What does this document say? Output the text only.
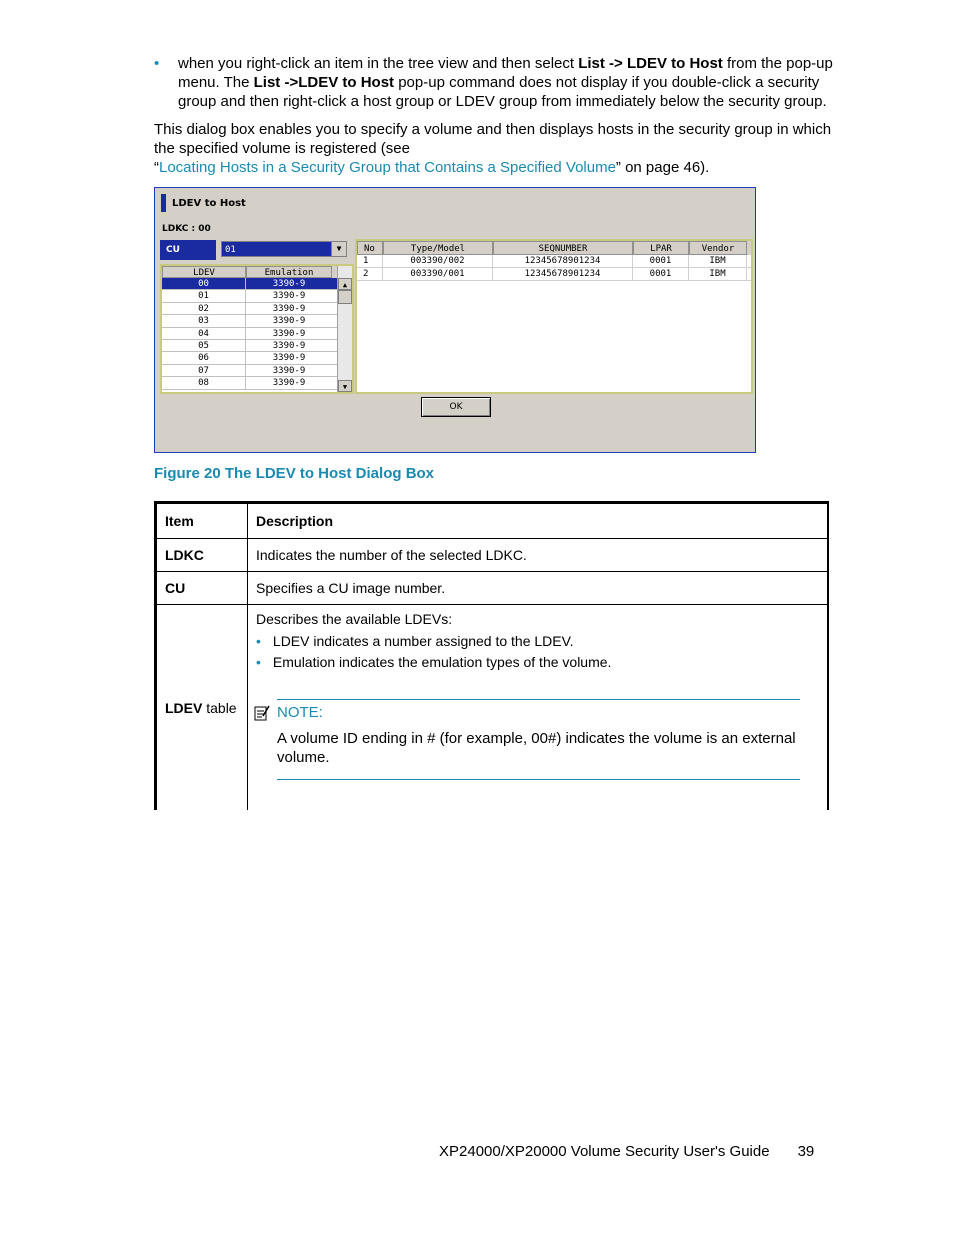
• when you right-click an item in the tree view and then select List -> LDEV to Host from the pop-up menu. The List ->LDEV to Host pop-up command does not display if you double-click a security group and then right-click a host group or LDEV group from immediately below the security group.
This dialog box enables you to specify a volume and then displays hosts in the security group in which the specified volume is registered (see
“Locating Hosts in a Security Group that Contains a Specified Volume” on page 46).
LDEV to Host
LDKC : 00
CU	01	▼
LDEV	Emulation
00	3390-9
01	3390-9
02	3390-9
03	3390-9
04	3390-9
05	3390-9
06	3390-9
07	3390-9
08	3390-9
▲
▼
No	Type/Model	SEQNUMBER	LPAR	Vendor
1	003390/002	12345678901234	0001	IBM
2	003390/001	12345678901234	0001	IBM
OK
Figure 20 The LDEV to Host Dialog Box
Item	Description
LDKC	Indicates the number of the selected LDKC.
CU	Specifies a CU image number.
LDEV table	Describes the available LDEVs:
• LDEV indicates a number assigned to the LDEV.
• Emulation indicates the emulation types of the volume.
NOTE:
A volume ID ending in # (for example, 00#) indicates the volume is an external volume.
XP24000/XP20000 Volume Security User's Guide 39
